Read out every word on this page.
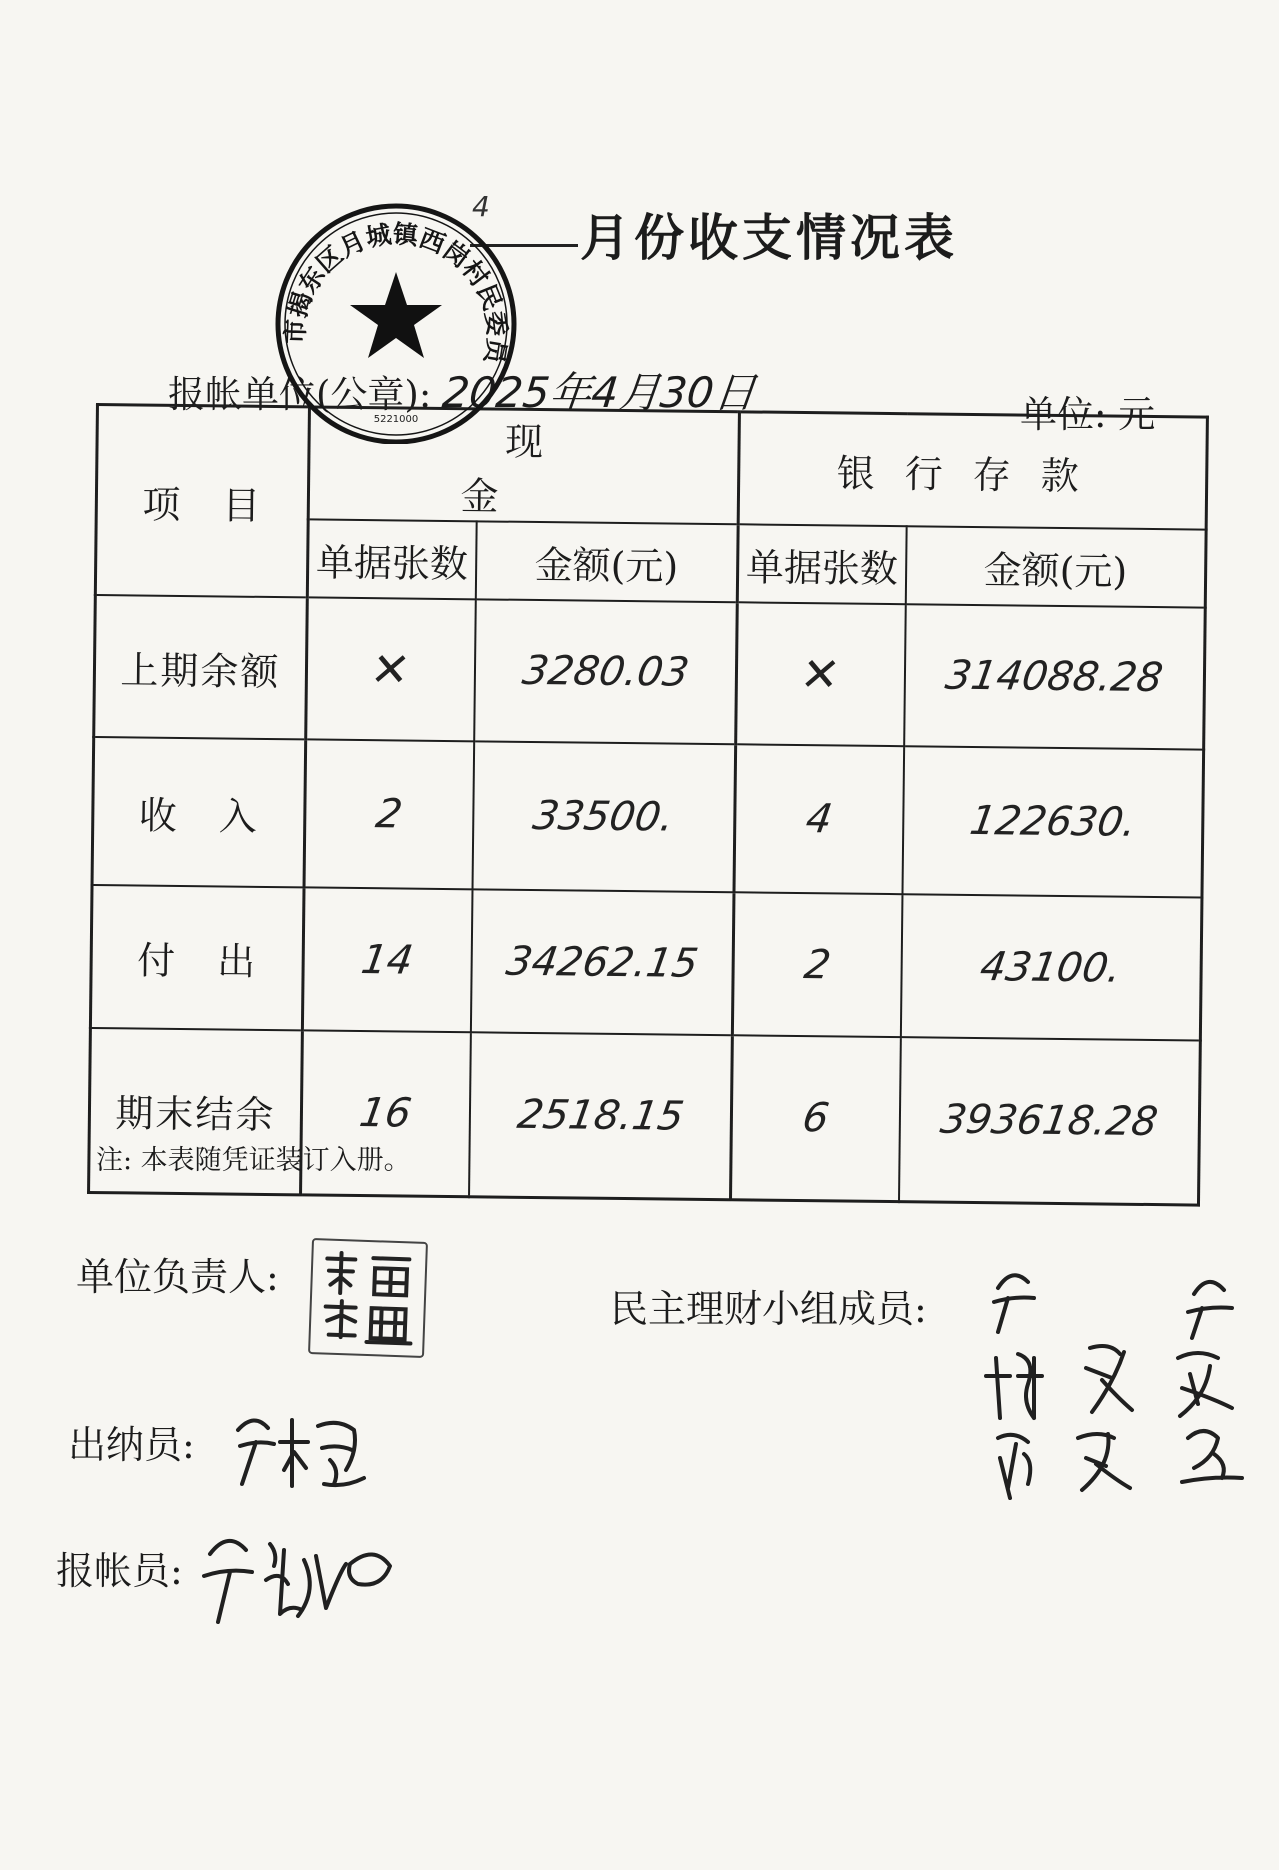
4
月份收支情况表
报帐单位(公章): 2025年4月30日	单位: 元
项　目	现　金		银行存款	
	单据张数	金额(元)	单据张数	金额(元)
上期余额	✕	3280.03	✕	314088.28
收　入	2	33500.	4	122630.
付　出	14	34262.15	2	43100.
期末结余	16	2518.15	6	393618.28
市揭东区月城镇西岗村民委员
5221000
注: 本表随凭证装订入册。
单位负责人:
民主理财小组成员:
出纳员:
报帐员:
